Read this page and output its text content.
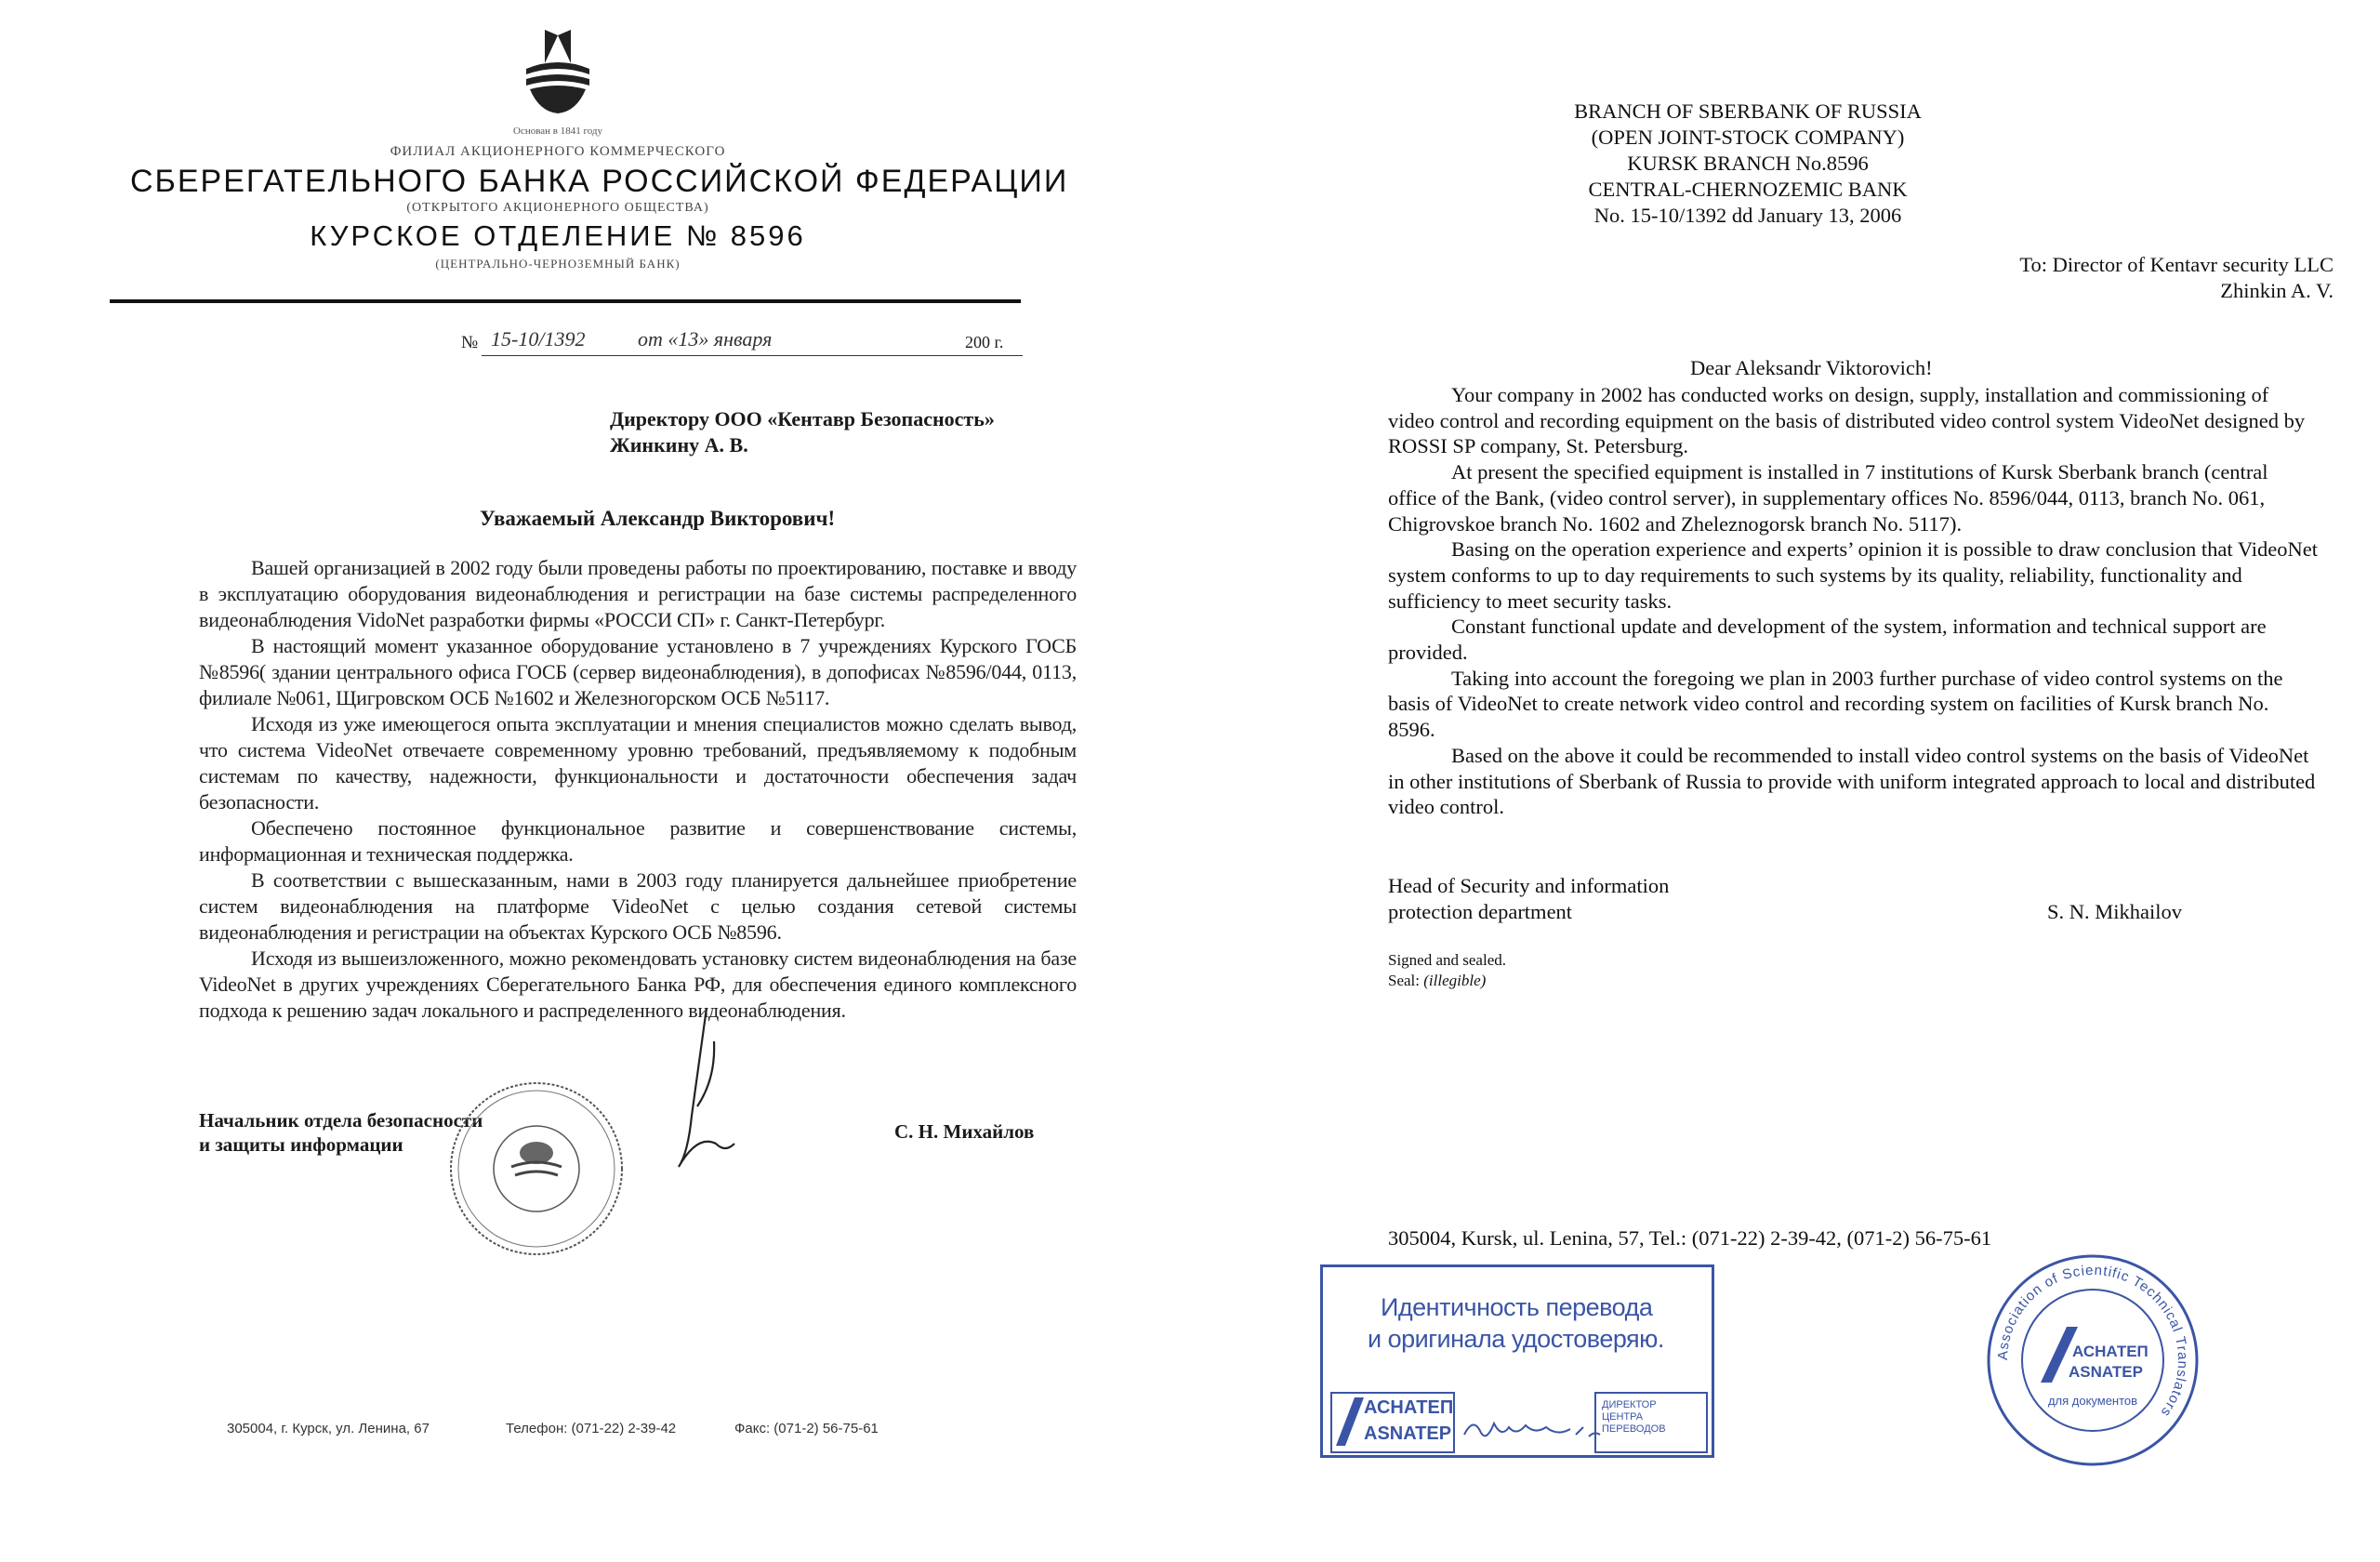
Основан в 1841 году
ФИЛИАЛ АКЦИОНЕРНОГО КОММЕРЧЕСКОГО
СБЕРЕГАТЕЛЬНОГО БАНКА РОССИЙСКОЙ ФЕДЕРАЦИИ
(ОТКРЫТОГО АКЦИОНЕРНОГО ОБЩЕСТВА)
КУРСКОЕ ОТДЕЛЕНИЕ № 8596
(ЦЕНТРАЛЬНО-ЧЕРНОЗЕМНЫЙ БАНК)
№ 15-10/1392	от «13» января	200 г.
Директору ООО «Кентавр Безопасность»
Жинкину А. В.
Уважаемый Александр Викторович!

Вашей организацией в 2002 году были проведены работы по проектированию, поставке и вводу в эксплуатацию оборудования видеонаблюдения и регистрации на базе системы распределенного видеонаблюдения VidoNet разработки фирмы «РОССИ СП» г. Санкт-Петербург.

В настоящий момент указанное оборудование установлено в 7 учреждениях Курского ГОСБ №8596( здании центрального офиса ГОСБ (сервер видеонаблюдения), в допофисах №8596/044, 0113, филиале №061, Щигровском ОСБ №1602 и Железногорском ОСБ №5117.

Исходя из уже имеющегося опыта эксплуатации и мнения специалистов можно сделать вывод, что система VideoNet отвечаете современному уровню требований, предъявляемому к подобным системам по качеству, надежности, функциональности и достаточности обеспечения задач безопасности.

Обеспечено постоянное функциональное развитие и совершенствование системы, информационная и техническая поддержка.

В соответствии с вышесказанным, нами в 2003 году планируется дальнейшее приобретение систем видеонаблюдения на платформе VideoNet с целью создания сетевой системы видеонаблюдения и регистрации на объектах Курского ОСБ №8596.

Исходя из вышеизложенного, можно рекомендовать установку систем видеонаблюдения на базе VideoNet в других учреждениях Сберегательного Банка РФ, для обеспечения единого комплексного подхода к решению задач локального и распределенного видеонаблюдения.

Начальник отдела безопасности
и защиты информации
С. Н. Михайлов
305004, г. Курск, ул. Ленина, 67	Телефон: (071-22) 2-39-42	Факс: (071-2) 56-75-61
BRANCH OF SBERBANK OF RUSSIA
(OPEN JOINT-STOCK COMPANY)
KURSK BRANCH No.8596
CENTRAL-CHERNOZEMIC BANK
No. 15-10/1392 dd January 13, 2006
To: Director of Kentavr security LLC
Zhinkin A. V.
Dear Aleksandr Viktorovich!

Your company in 2002 has conducted works on design, supply, installation and commissioning of video control and recording equipment on the basis of distributed video control system VideoNet designed by ROSSI SP company, St. Petersburg.

At present the specified equipment is installed in 7 institutions of Kursk Sberbank branch (central office of the Bank, (video control server), in supplementary offices No. 8596/044, 0113, branch No. 061, Chigrovskoe branch No. 1602 and Zheleznogorsk branch No. 5117).

Basing on the operation experience and experts’ opinion it is possible to draw conclusion that VideoNet system conforms to up to day requirements to such systems by its quality, reliability, functionality and sufficiency to meet security tasks.

Constant functional update and development of the system, information and technical support are provided.

Taking into account the foregoing we plan in 2003 further purchase of video control systems on the basis of VideoNet to create network video control and recording system on facilities of Kursk branch No. 8596.

Based on the above it could be recommended to install video control systems on the basis of VideoNet in other institutions of Sberbank of Russia to provide with uniform integrated approach to local and distributed video control.

Head of Security and information
protection department	S. N. Mikhailov
Signed and sealed.
Seal: (illegible)
305004, Kursk, ul. Lenina, 57, Tel.: (071-22) 2-39-42, (071-2) 56-75-61
Идентичность перевода
и оригинала удостоверяю.
АСНАТЕП
ASNATEP
ДИРЕКТОР
ЦЕНТРА
ПЕРЕВОДОВ
Association of Scientific Technical Translators
АСНАТЕП
ASNATEP
для документов
